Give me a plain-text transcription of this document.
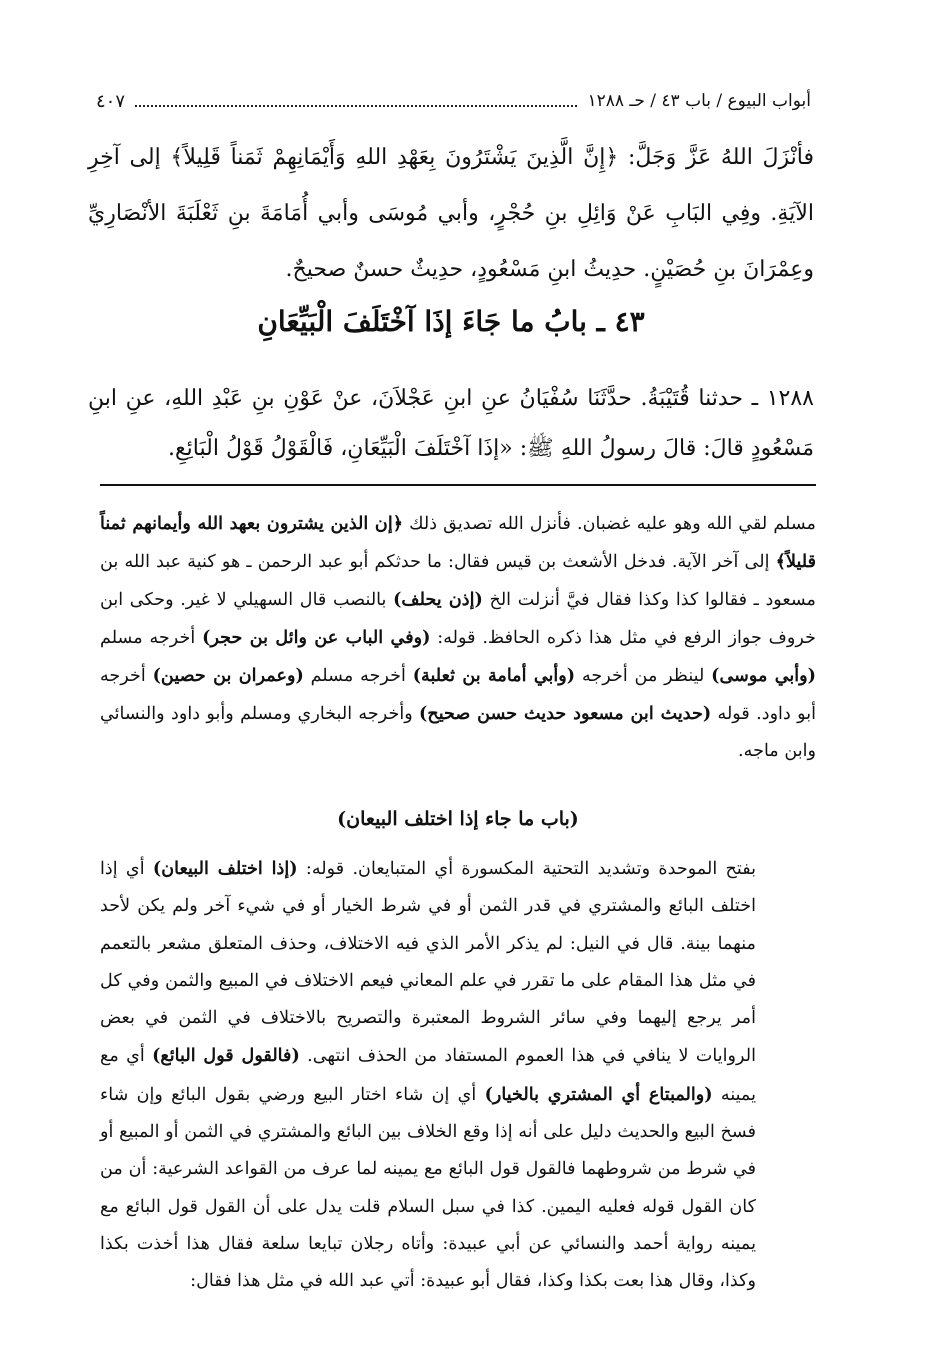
أبواب البيوع / باب ٤٣ / حـ ١٢٨٨
٤٠٧

فأنْزَلَ اللهُ عَزَّ وَجَلَّ: ﴿إِنَّ الَّذِينَ يَشْتَرُونَ بِعَهْدِ اللهِ وَأَيْمَانِهِمْ ثَمَناً قَلِيلاً﴾ إلى آخِرِ الآيَةِ. وفِي البَابِ عَنْ وَائِلِ بنِ حُجْرٍ، وأبي مُوسَى وأبي أُمَامَةَ بنِ ثَعْلَبَةَ الأنْصَارِيِّ وعِمْرَانَ بنِ حُصَيْنٍ. حدِيثُ ابنِ مَسْعُودٍ، حدِيثٌ حسنٌ صحيحٌ.

٤٣ ـ بابُ ما جَاءَ إذَا آخْتَلَفَ الْبَيِّعَانِ

١٢٨٨ ـ حدثنا قُتَيْبَةُ. حدَّثَنَا سُفْيَانُ عنِ ابنِ عَجْلاَنَ، عنْ عَوْنِ بنِ عَبْدِ اللهِ، عنِ ابنِ مَسْعُودٍ قالَ: قالَ رسولُ اللهِ ﷺ: «إذَا آخْتَلَفَ الْبَيِّعَانِ، فَالْقَوْلُ قَوْلُ الْبَائِعِ.

مسلم لقي الله وهو عليه غضبان. فأنزل الله تصديق ذلك ﴿إن الذين يشترون بعهد الله وأيمانهم ثمناً قليلاً﴾ إلى آخر الآية. فدخل الأشعث بن قيس فقال: ما حدثكم أبو عبد الرحمن ـ هو كنية عبد الله بن مسعود ـ فقالوا كذا وكذا فقال فيَّ أنزلت الخ (إذن يحلف) بالنصب قال السهيلي لا غير. وحكى ابن خروف جواز الرفع في مثل هذا ذكره الحافظ. قوله: (وفي الباب عن وائل بن حجر) أخرجه مسلم (وأبي موسى) لينظر من أخرجه (وأبي أمامة بن ثعلبة) أخرجه مسلم (وعمران بن حصين) أخرجه أبو داود. قوله (حديث ابن مسعود حديث حسن صحيح) وأخرجه البخاري ومسلم وأبو داود والنسائي وابن ماجه.

(باب ما جاء إذا اختلف البيعان)

بفتح الموحدة وتشديد التحتية المكسورة أي المتبايعان. قوله: (إذا اختلف البيعان) أي إذا اختلف البائع والمشتري في قدر الثمن أو في شرط الخيار أو في شيء آخر ولم يكن لأحد منهما بينة. قال في النيل: لم يذكر الأمر الذي فيه الاختلاف، وحذف المتعلق مشعر بالتعمم في مثل هذا المقام على ما تقرر في علم المعاني فيعم الاختلاف في المبيع والثمن وفي كل أمر يرجع إليهما وفي سائر الشروط المعتبرة والتصريح بالاختلاف في الثمن في بعض الروايات لا ينافي في هذا العموم المستفاد من الحذف انتهى. (فالقول قول البائع) أي مع يمينه (والمبتاع أي المشتري بالخيار) أي إن شاء اختار البيع ورضي بقول البائع وإن شاء فسخ البيع والحديث دليل على أنه إذا وقع الخلاف بين البائع والمشتري في الثمن أو المبيع أو في شرط من شروطهما فالقول قول البائع مع يمينه لما عرف من القواعد الشرعية: أن من كان القول قوله فعليه اليمين. كذا في سبل السلام قلت يدل على أن القول قول البائع مع يمينه رواية أحمد والنسائي عن أبي عبيدة: وأتاه رجلان تبايعا سلعة فقال هذا أخذت بكذا وكذا، وقال هذا بعت بكذا وكذا، فقال أبو عبيدة: أتي عبد الله في مثل هذا فقال:
